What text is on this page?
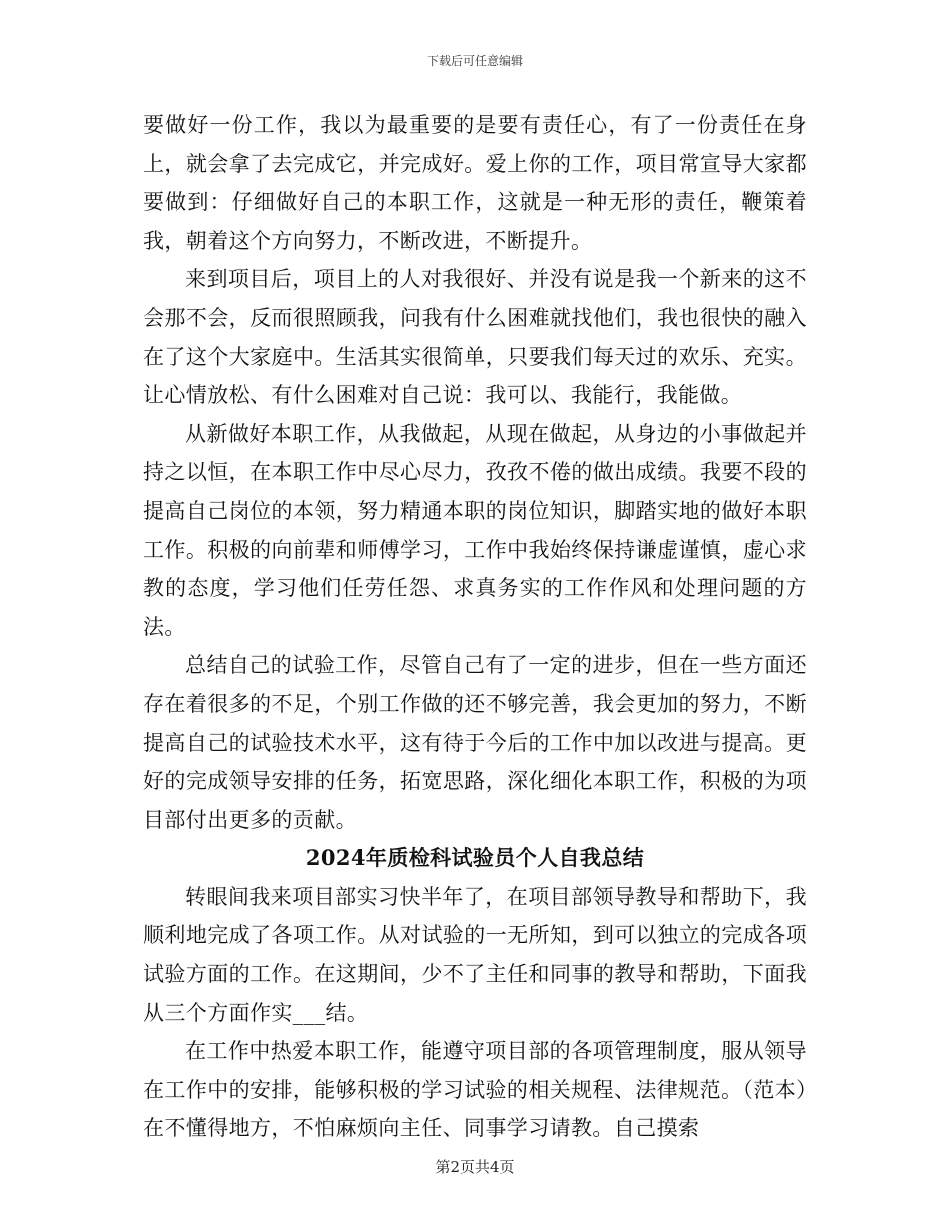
下载后可任意编辑

要做好一份工作，我以为最重要的是要有责任心，有了一份责任在身上，就会拿了去完成它，并完成好。爱上你的工作，项目常宣导大家都要做到：仔细做好自己的本职工作，这就是一种无形的责任，鞭策着我，朝着这个方向努力，不断改进，不断提升。

来到项目后，项目上的人对我很好、并没有说是我一个新来的这不会那不会，反而很照顾我，问我有什么困难就找他们，我也很快的融入在了这个大家庭中。生活其实很简单，只要我们每天过的欢乐、充实。让心情放松、有什么困难对自己说：我可以、我能行，我能做。

从新做好本职工作，从我做起，从现在做起，从身边的小事做起并持之以恒，在本职工作中尽心尽力，孜孜不倦的做出成绩。我要不段的提高自己岗位的本领，努力精通本职的岗位知识，脚踏实地的做好本职工作。积极的向前辈和师傅学习，工作中我始终保持谦虚谨慎，虚心求教的态度，学习他们任劳任怨、求真务实的工作作风和处理问题的方法。

总结自己的试验工作，尽管自己有了一定的进步，但在一些方面还存在着很多的不足，个别工作做的还不够完善，我会更加的努力，不断提高自己的试验技术水平，这有待于今后的工作中加以改进与提高。更好的完成领导安排的任务，拓宽思路，深化细化本职工作，积极的为项目部付出更多的贡献。

2024年质检科试验员个人自我总结

转眼间我来项目部实习快半年了，在项目部领导教导和帮助下，我顺利地完成了各项工作。从对试验的一无所知，到可以独立的完成各项试验方面的工作。在这期间，少不了主任和同事的教导和帮助，下面我从三个方面作实___结。

在工作中热爱本职工作，能遵守项目部的各项管理制度，服从领导在工作中的安排，能够积极的学习试验的相关规程、法律规范。（范本）在不懂得地方，不怕麻烦向主任、同事学习请教。自己摸索

第2页共4页
